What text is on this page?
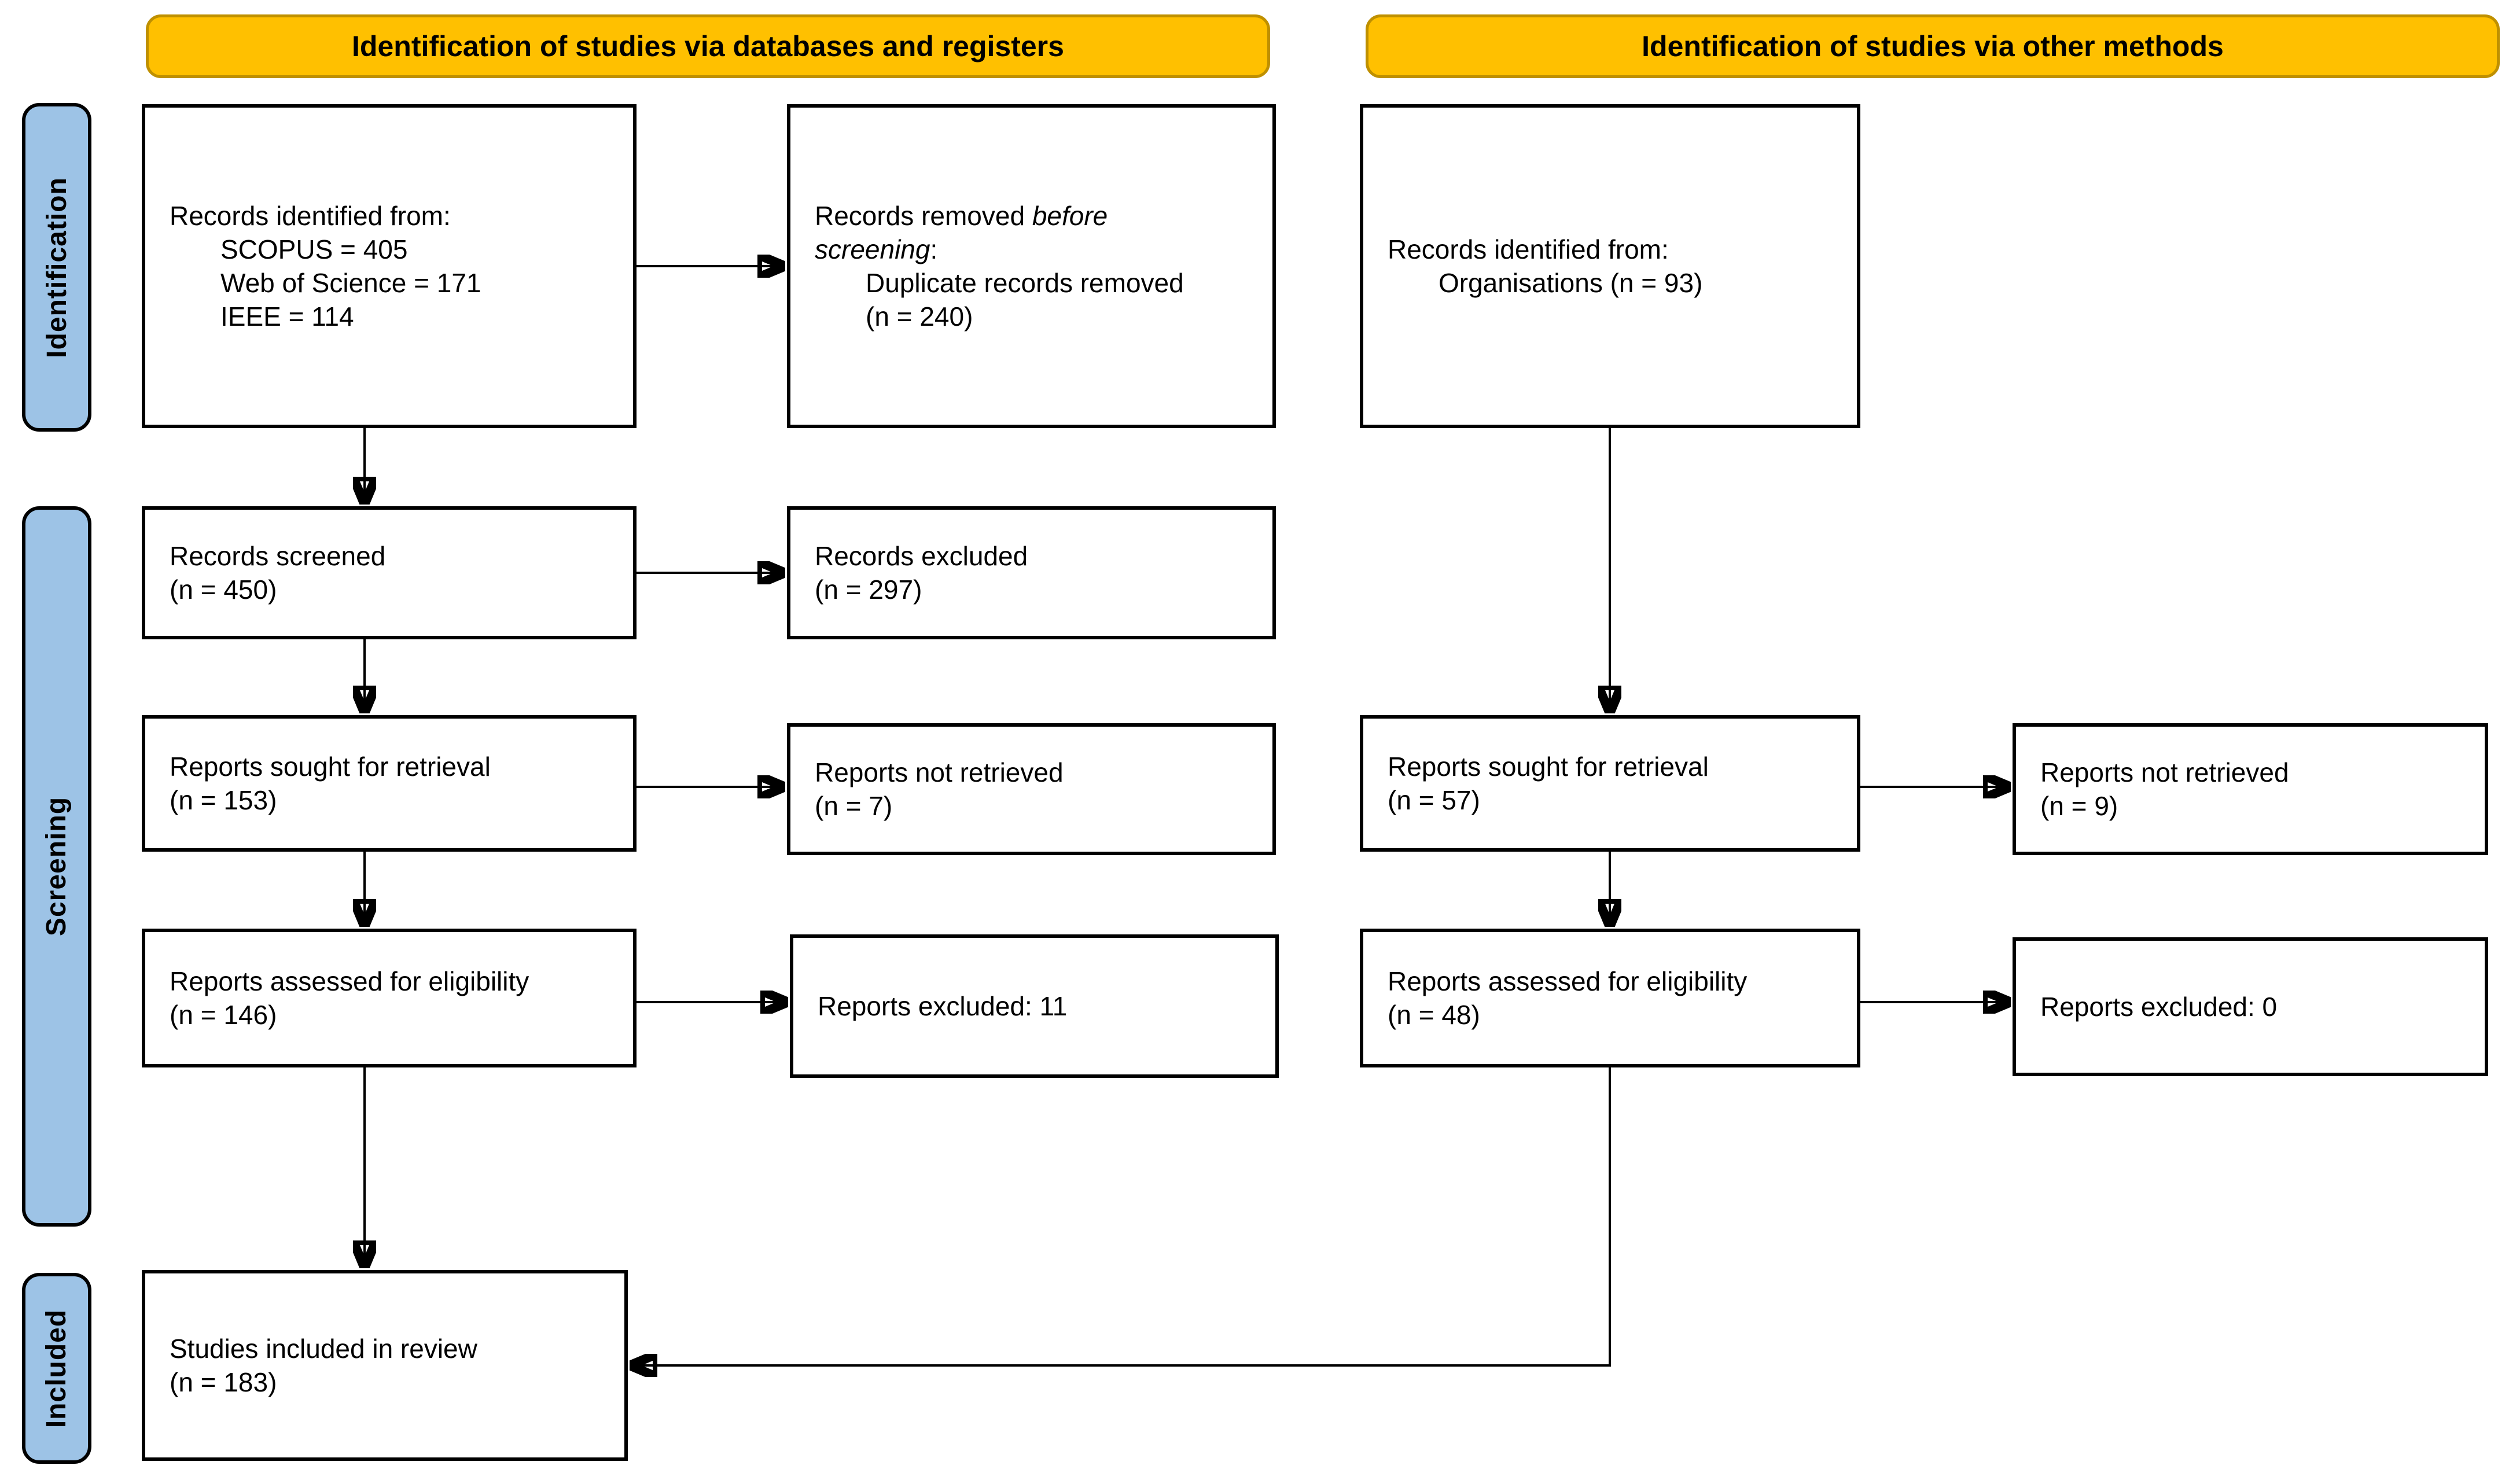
Identification of studies via databases and registers	Identification of studies via other methods
Identification
Screening
Included
Records identified from:
SCOPUS = 405
Web of Science = 171
IEEE = 114
Records removed before
screening:
Duplicate records removed
(n = 240)
Records screened
(n = 450)
Records excluded
(n = 297)
Reports sought for retrieval
(n = 153)
Reports not retrieved
(n = 7)
Reports assessed for eligibility
(n = 146)	Reports excluded: 11
Studies included in review
(n = 183)
Records identified from:
Organisations (n = 93)
Reports sought for retrieval
(n = 57)
Reports not retrieved
(n = 9)
Reports assessed for eligibility
(n = 48)	Reports excluded: 0
